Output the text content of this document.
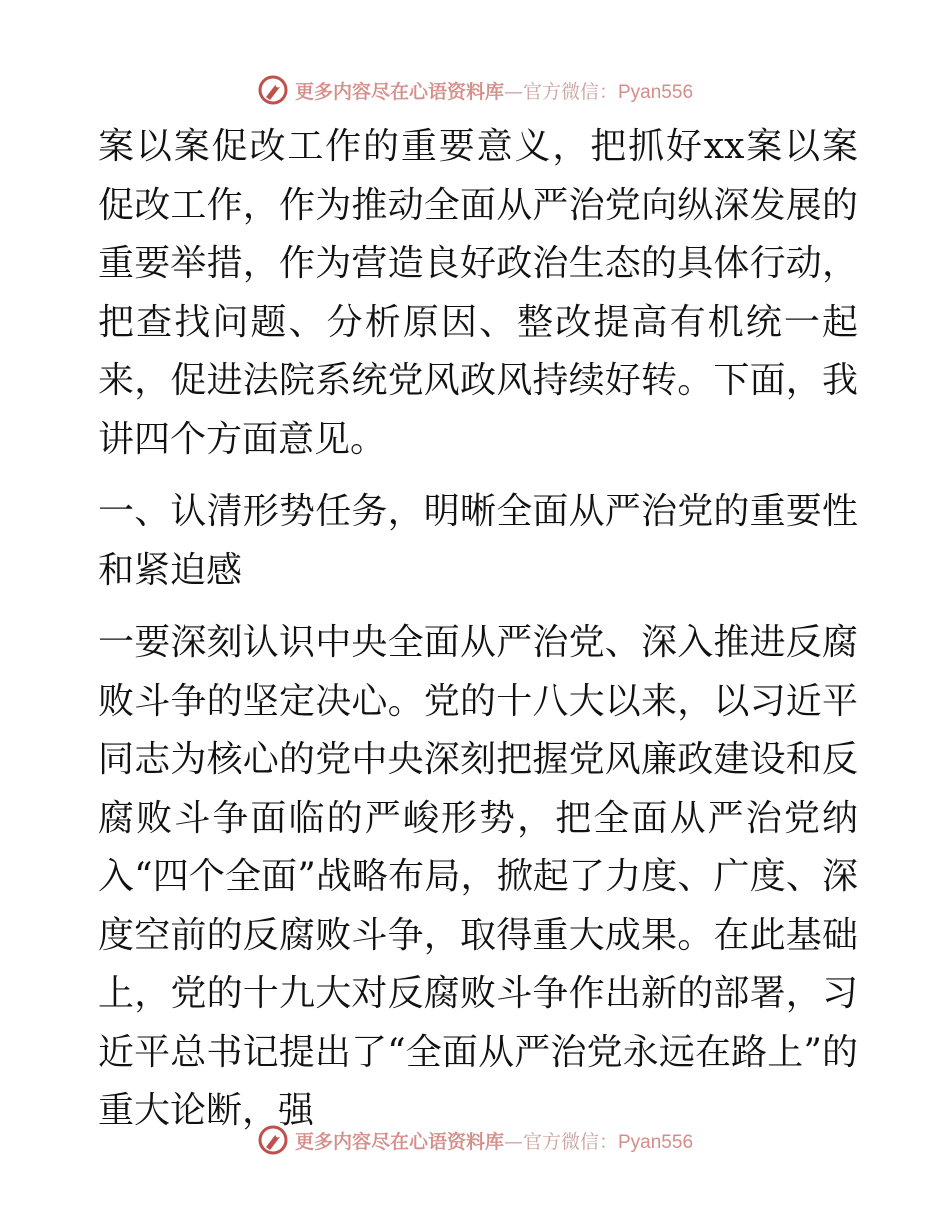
更多内容尽在心语资料库—官方微信：Pyan556

案以案促改工作的重要意义，把抓好xx案以案促改工作，作为推动全面从严治党向纵深发展的重要举措，作为营造良好政治生态的具体行动，把查找问题、分析原因、整改提高有机统一起来，促进法院系统党风政风持续好转。下面，我讲四个方面意见。

一、认清形势任务，明晰全面从严治党的重要性和紧迫感

一要深刻认识中央全面从严治党、深入推进反腐败斗争的坚定决心。党的十八大以来，以习近平同志为核心的党中央深刻把握党风廉政建设和反腐败斗争面临的严峻形势，把全面从严治党纳入“四个全面”战略布局，掀起了力度、广度、深度空前的反腐败斗争，取得重大成果。在此基础上，党的十九大对反腐败斗争作出新的部署，习近平总书记提出了“全面从严治党永远在路上”的重大论断，强

更多内容尽在心语资料库—官方微信：Pyan556
